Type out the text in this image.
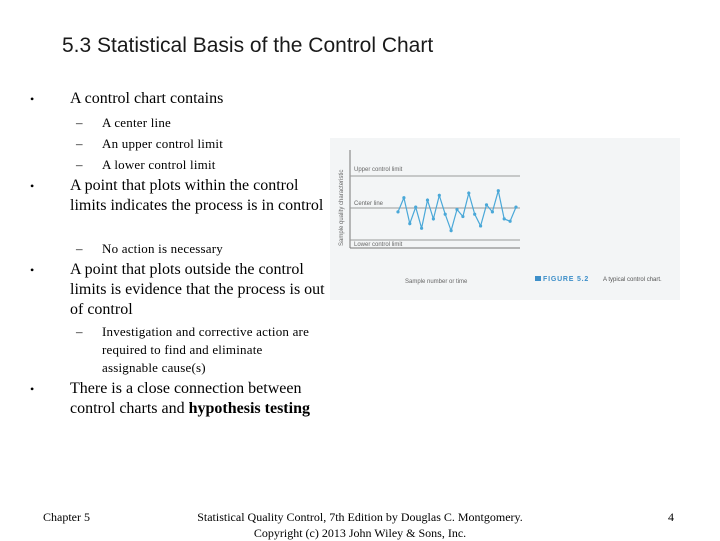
5.3 Statistical Basis of the Control Chart
• A control chart contains
– A center line
– An upper control limit
– A lower control limit
• A point that plots within the control limits indicates the process is in control
– No action is necessary
• A point that plots outside the control limits is evidence that the process is out of control
– Investigation and corrective action are required to find and eliminate assignable cause(s)
• There is a close connection between control charts and hypothesis testing
Sample quality characteristic Upper control limit
Center line
Lower control limit
Sample number or time	FIGURE 5.2 A typical control chart.
Chapter 5	Statistical Quality Control, 7th Edition by Douglas C. Montgomery.
Copyright (c) 2013 John Wiley & Sons, Inc.
4
